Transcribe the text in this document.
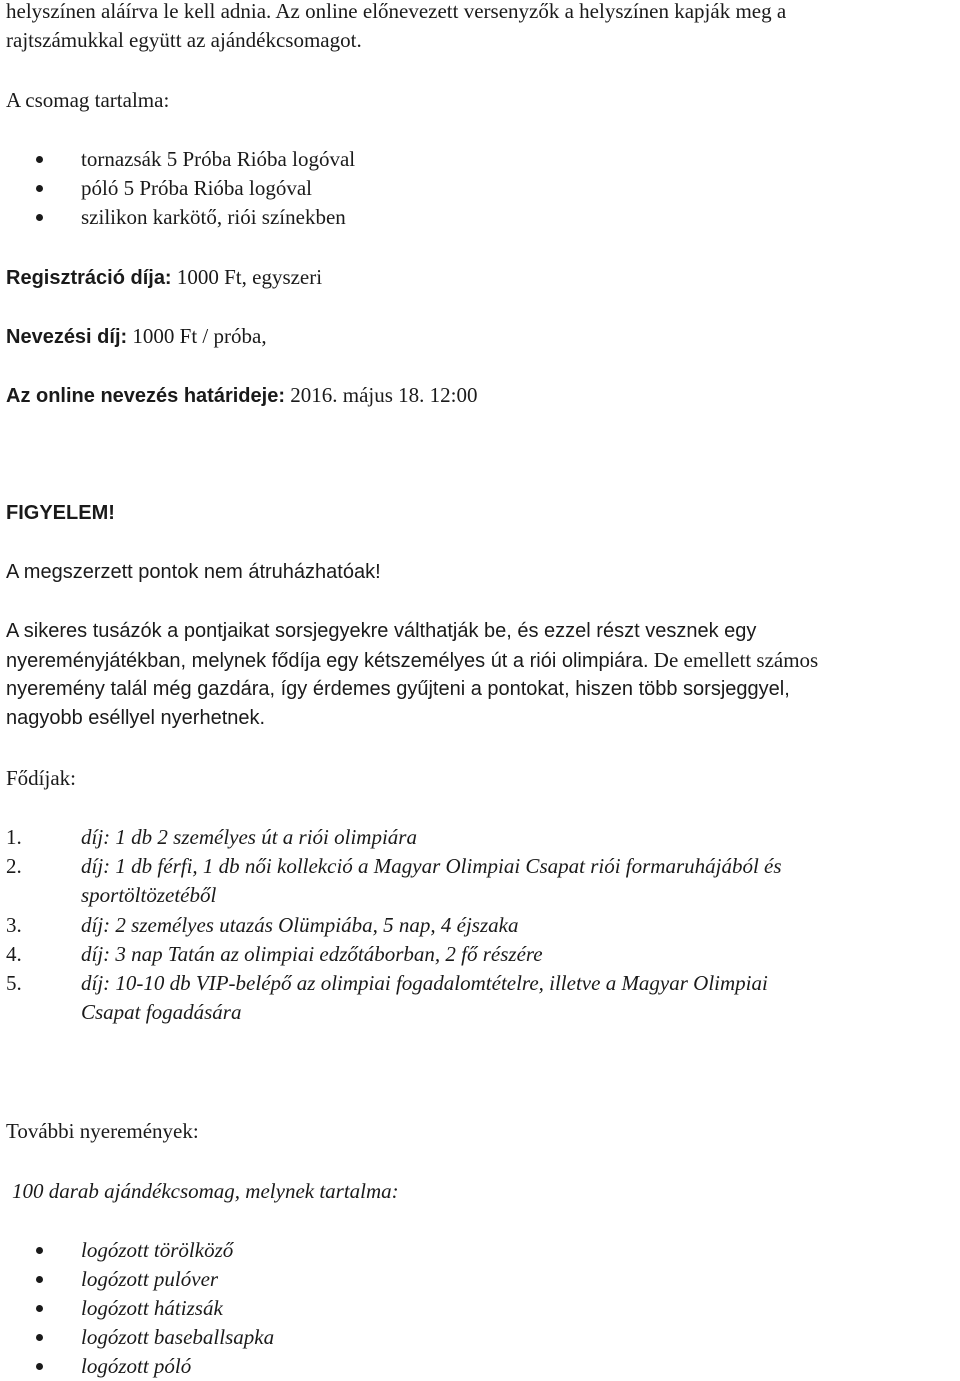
helyszínen aláírva le kell adnia. Az online előnevezett versenyzők a helyszínen kapják meg a

rajtszámukkal együtt az ajándékcsomagot.

A csomag tartalma:

tornazsák 5 Próba Rióba logóval
póló 5 Próba Rióba logóval
szilikon karkötő, riói színekben

Regisztráció díja: 1000 Ft, egyszeri

Nevezési díj: 1000 Ft / próba,

Az online nevezés határideje: 2016. május 18. 12:00

FIGYELEM!

A megszerzett pontok nem átruházhatóak!

A sikeres tusázók a pontjaikat sorsjegyekre válthatják be, és ezzel részt vesznek egy

nyereményjátékban, melynek fődíja egy kétszemélyes út a riói olimpiára. De emellett számos

nyeremény talál még gazdára, így érdemes gyűjteni a pontokat, hiszen több sorsjeggyel,

nagyobb eséllyel nyerhetnek.

Fődíjak:

1.	díj: 1 db 2 személyes út a riói olimpiára
2.	díj: 1 db férfi, 1 db női kollekció a Magyar Olimpiai Csapat riói formaruhájából és
sportöltözetéből
3.	díj: 2 személyes utazás Olümpiába, 5 nap, 4 éjszaka
4.	díj: 3 nap Tatán az olimpiai edzőtáborban, 2 fő részére
5.	díj: 10-10 db VIP-belépő az olimpiai fogadalomtételre, illetve a Magyar Olimpiai
Csapat fogadására

További nyeremények:

100 darab ajándékcsomag, melynek tartalma:

logózott törölköző
logózott pulóver
logózott hátizsák
logózott baseballsapka
logózott póló
